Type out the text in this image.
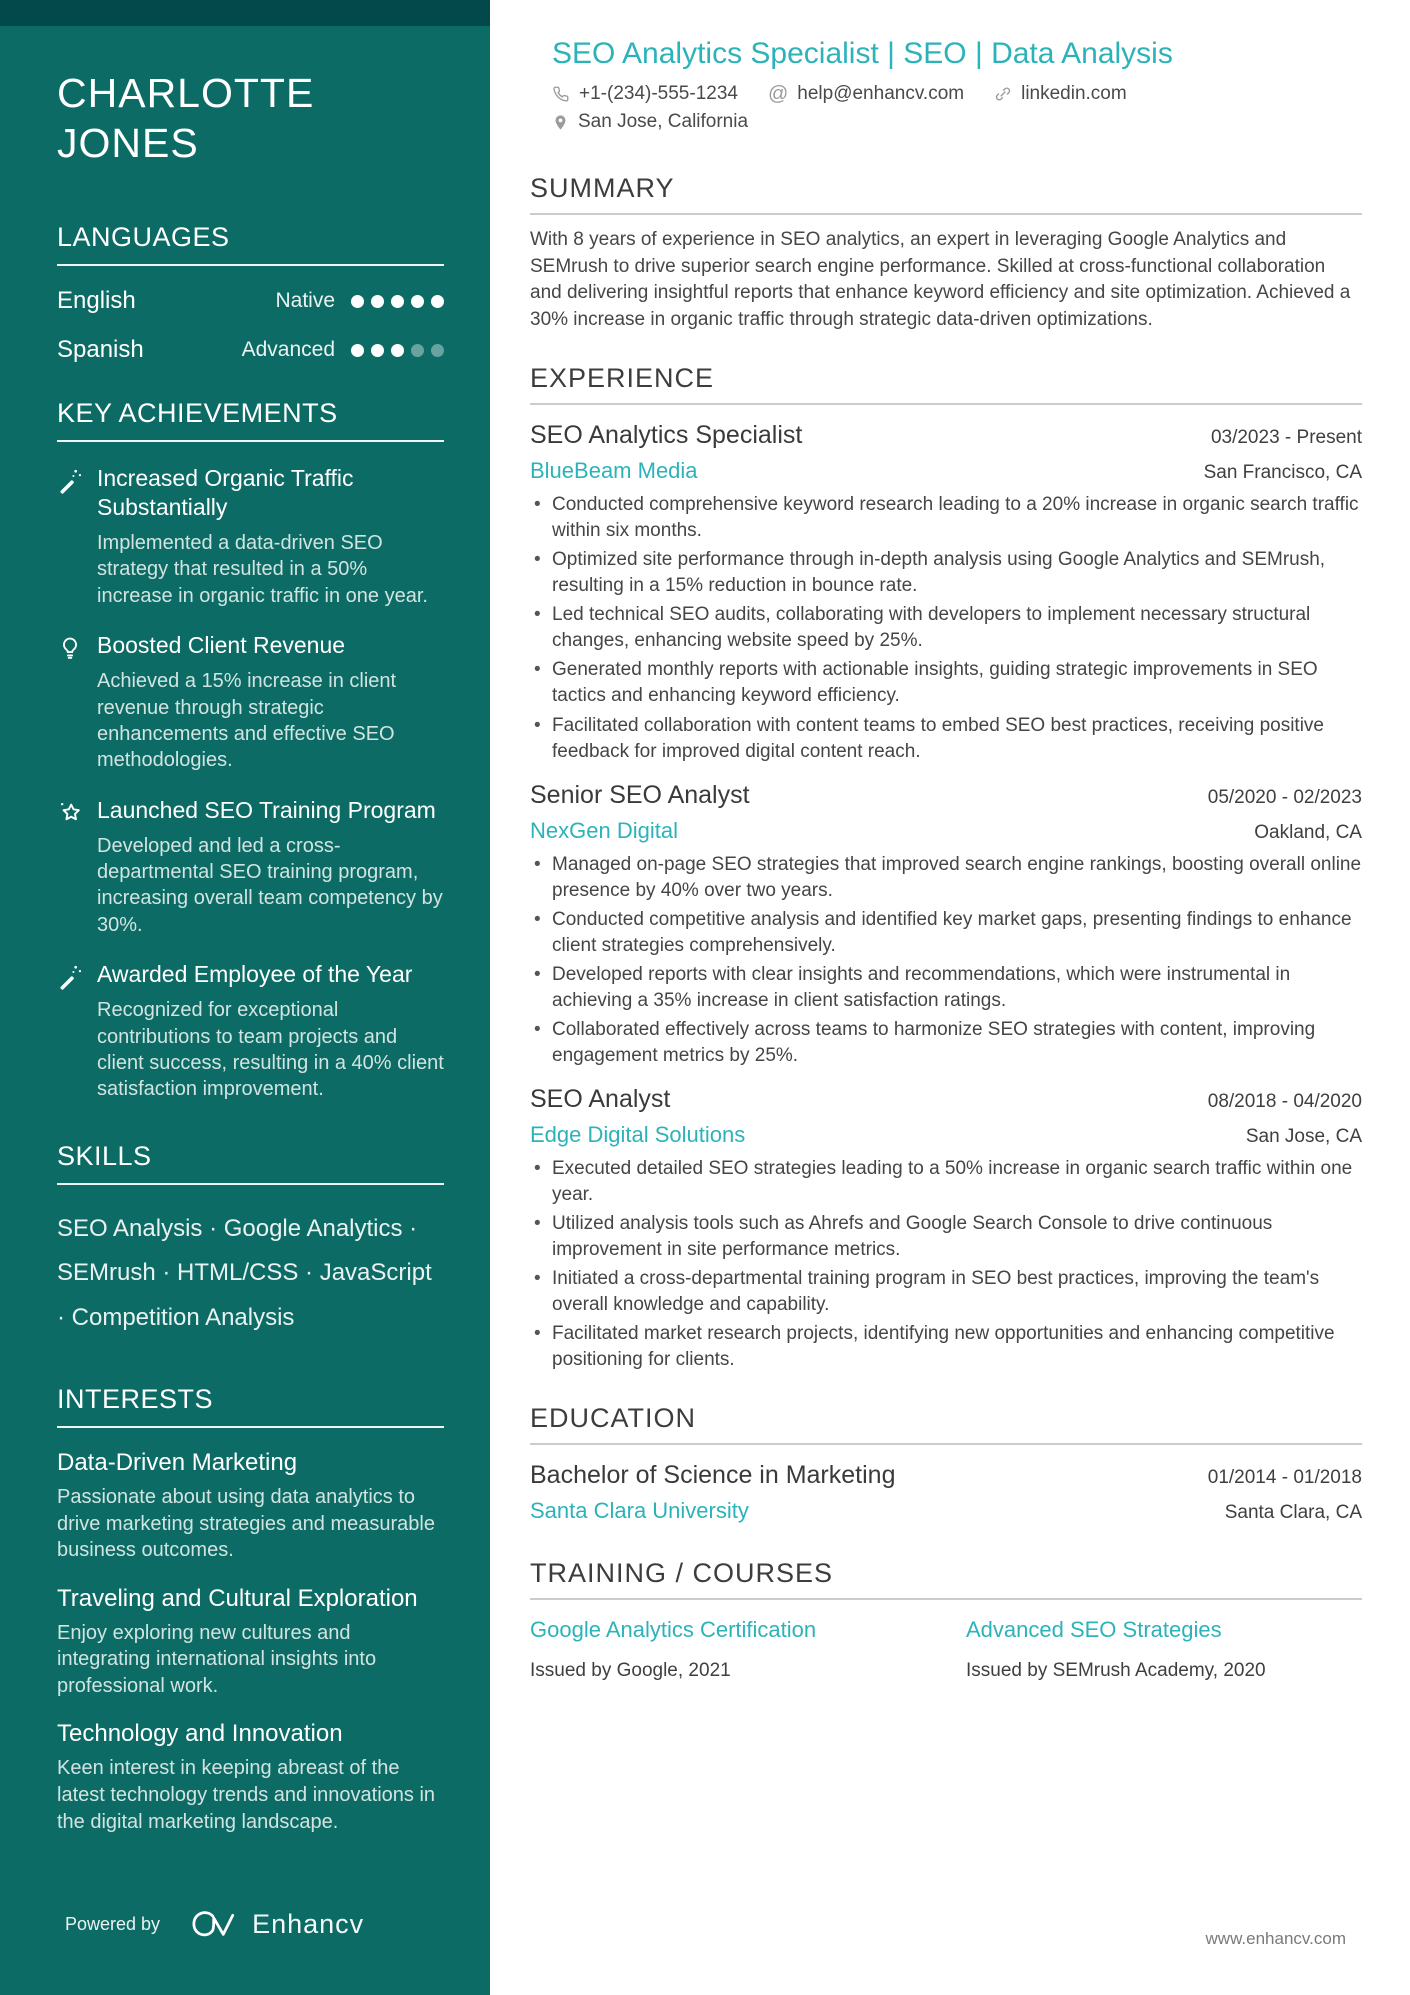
CHARLOTTE JONES
LANGUAGES
English	Native
Spanish	Advanced
KEY ACHIEVEMENTS
Increased Organic Traffic Substantially
Implemented a data-driven SEO strategy that resulted in a 50% increase in organic traffic in one year.
Boosted Client Revenue
Achieved a 15% increase in client revenue through strategic enhancements and effective SEO methodologies.
Launched SEO Training Program
Developed and led a cross-departmental SEO training program, increasing overall team competency by 30%.
Awarded Employee of the Year
Recognized for exceptional contributions to team projects and client success, resulting in a 40% client satisfaction improvement.
SKILLS
SEO Analysis · Google Analytics · SEMrush · HTML/CSS · JavaScript · Competition Analysis
INTERESTS
Data-Driven Marketing
Passionate about using data analytics to drive marketing strategies and measurable business outcomes.
Traveling and Cultural Exploration
Enjoy exploring new cultures and integrating international insights into professional work.
Technology and Innovation
Keen interest in keeping abreast of the latest technology trends and innovations in the digital marketing landscape.
Powered by	Enhancv
SEO Analytics Specialist | SEO | Data Analysis
+1-(234)-555-1234 @ help@enhancv.com	linkedin.com
San Jose, California
SUMMARY

With 8 years of experience in SEO analytics, an expert in leveraging Google Analytics and SEMrush to drive superior search engine performance. Skilled at cross-functional collaboration and delivering insightful reports that enhance keyword efficiency and site optimization. Achieved a 30% increase in organic traffic through strategic data-driven optimizations.

EXPERIENCE
SEO Analytics Specialist	03/2023 - Present
BlueBeam Media	San Francisco, CA
• Conducted comprehensive keyword research leading to a 20% increase in organic search traffic within six months.
• Optimized site performance through in-depth analysis using Google Analytics and SEMrush, resulting in a 15% reduction in bounce rate.
• Led technical SEO audits, collaborating with developers to implement necessary structural changes, enhancing website speed by 25%.
• Generated monthly reports with actionable insights, guiding strategic improvements in SEO tactics and enhancing keyword efficiency.
• Facilitated collaboration with content teams to embed SEO best practices, receiving positive feedback for improved digital content reach.
Senior SEO Analyst	05/2020 - 02/2023
NexGen Digital	Oakland, CA
• Managed on-page SEO strategies that improved search engine rankings, boosting overall online presence by 40% over two years.
• Conducted competitive analysis and identified key market gaps, presenting findings to enhance client strategies comprehensively.
• Developed reports with clear insights and recommendations, which were instrumental in achieving a 35% increase in client satisfaction ratings.
• Collaborated effectively across teams to harmonize SEO strategies with content, improving engagement metrics by 25%.
SEO Analyst	08/2018 - 04/2020
Edge Digital Solutions	San Jose, CA
• Executed detailed SEO strategies leading to a 50% increase in organic search traffic within one year.
• Utilized analysis tools such as Ahrefs and Google Search Console to drive continuous improvement in site performance metrics.
• Initiated a cross-departmental training program in SEO best practices, improving the team's overall knowledge and capability.
• Facilitated market research projects, identifying new opportunities and enhancing competitive positioning for clients.
EDUCATION
Bachelor of Science in Marketing	01/2014 - 01/2018
Santa Clara University	Santa Clara, CA
TRAINING / COURSES
Google Analytics Certification
Issued by Google, 2021
Advanced SEO Strategies
Issued by SEMrush Academy, 2020
www.enhancv.com
